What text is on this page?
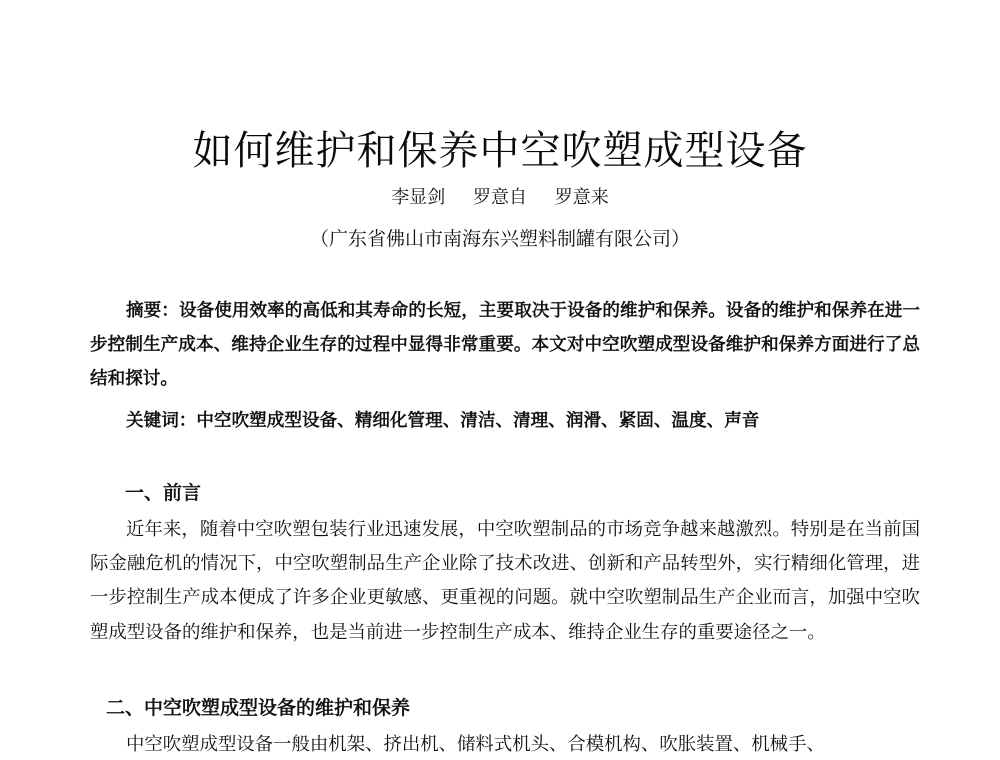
如何维护和保养中空吹塑成型设备
李显剑 罗意自 罗意来
（广东省佛山市南海东兴塑料制罐有限公司）
摘要：设备使用效率的高低和其寿命的长短，主要取决于设备的维护和保养。设备的维护和保养在进一步控制生产成本、维持企业生存的过程中显得非常重要。本文对中空吹塑成型设备维护和保养方面进行了总结和探讨。
关键词：中空吹塑成型设备、精细化管理、清洁、清理、润滑、紧固、温度、声音
一、前言
近年来，随着中空吹塑包装行业迅速发展，中空吹塑制品的市场竞争越来越激烈。特别是在当前国际金融危机的情况下，中空吹塑制品生产企业除了技术改进、创新和产品转型外，实行精细化管理，进一步控制生产成本便成了许多企业更敏感、更重视的问题。就中空吹塑制品生产企业而言，加强中空吹塑成型设备的维护和保养，也是当前进一步控制生产成本、维持企业生存的重要途径之一。
二、中空吹塑成型设备的维护和保养
中空吹塑成型设备一般由机架、挤出机、储料式机头、合模机构、吹胀装置、机械手、
